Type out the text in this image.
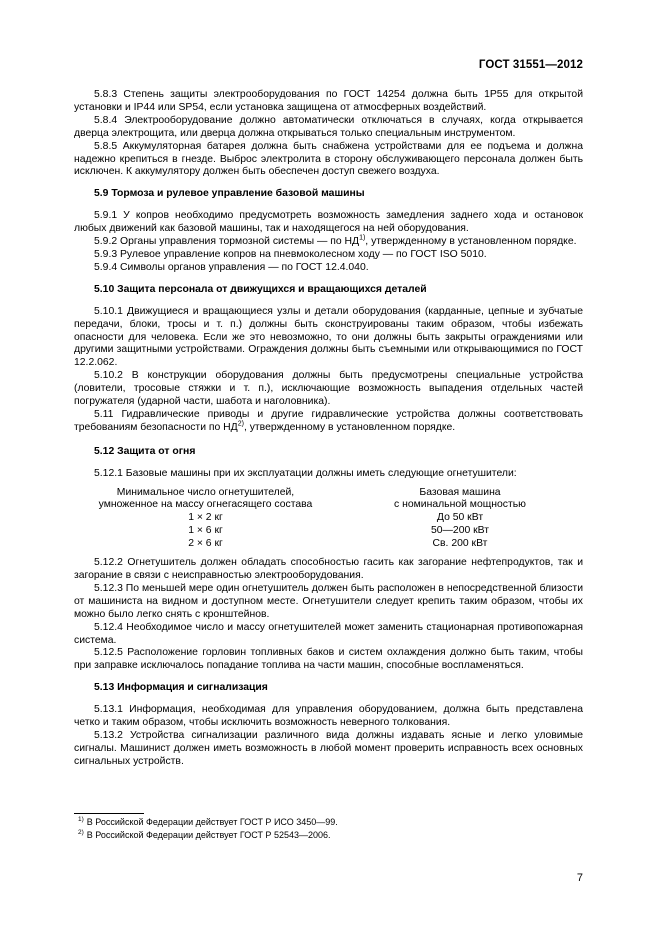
ГОСТ 31551—2012

5.8.3 Степень защиты электрооборудования по ГОСТ 14254 должна быть 1Р55 для открытой установки и IР44 или SP54, если установка защищена от атмосферных воздействий.

5.8.4 Электрооборудование должно автоматически отключаться в случаях, когда открывается дверца электрощита, или дверца должна открываться только специальным инструментом.

5.8.5 Аккумуляторная батарея должна быть снабжена устройствами для ее подъема и должна надежно крепиться в гнезде. Выброс электролита в сторону обслуживающего персонала должен быть исключен. К аккумулятору должен быть обеспечен доступ свежего воздуха.

5.9 Тормоза и рулевое управление базовой машины

5.9.1 У копров необходимо предусмотреть возможность замедления заднего хода и остановок любых движений как базовой машины, так и находящегося на ней оборудования.

5.9.2 Органы управления тормозной системы — по НД$^{1)}$, утвержденному в установленном порядке.

5.9.3 Рулевое управление копров на пневмоколесном ходу — по ГОСТ ISO 5010.

5.9.4 Символы органов управления — по ГОСТ 12.4.040.

5.10 Защита персонала от движущихся и вращающихся деталей

5.10.1 Движущиеся и вращающиеся узлы и детали оборудования (карданные, цепные и зубчатые передачи, блоки, тросы и т. п.) должны быть сконструированы таким образом, чтобы избежать опасности для человека. Если же это невозможно, то они должны быть закрыты ограждениями или другими защитными устройствами. Ограждения должны быть съемными или открывающимися по ГОСТ 12.2.062.

5.10.2 В конструкции оборудования должны быть предусмотрены специальные устройства (ловители, тросовые стяжки и т. п.), исключающие возможность выпадения отдельных частей погружателя (ударной части, шабота и наголовника).

5.11 Гидравлические приводы и другие гидравлические устройства должны соответствовать требованиям безопасности по НД$^{2)}$, утвержденному в установленном порядке.

5.12 Защита от огня

5.12.1 Базовые машины при их эксплуатации должны иметь следующие огнетушители:

Минимальное число огнетушителей,
умноженное на массу огнегасящего состава
1 × 2 кг
1 × 6 кг
2 × 6 кг
Базовая машина
с номинальной мощностью
До 50 кВт
50—200 кВт
Св. 200 кВт

5.12.2 Огнетушитель должен обладать способностью гасить как загорание нефтепродуктов, так и загорание в связи с неисправностью электрооборудования.

5.12.3 По меньшей мере один огнетушитель должен быть расположен в непосредственной близости от машиниста на видном и доступном месте. Огнетушители следует крепить таким образом, чтобы их можно было легко снять с кронштейнов.

5.12.4 Необходимое число и массу огнетушителей может заменить стационарная противопожарная система.

5.12.5 Расположение горловин топливных баков и систем охлаждения должно быть таким, чтобы при заправке исключалось попадание топлива на части машин, способные воспламеняться.

5.13 Информация и сигнализация

5.13.1 Информация, необходимая для управления оборудованием, должна быть представлена четко и таким образом, чтобы исключить возможность неверного толкования.

5.13.2 Устройства сигнализации различного вида должны издавать ясные и легко уловимые сигналы. Машинист должен иметь возможность в любой момент проверить исправность всех основных сигнальных устройств.

$^{1)}$ В Российской Федерации действует ГОСТ Р ИСО 3450—99.
$^{2)}$ В Российской Федерации действует ГОСТ Р 52543—2006.
7
